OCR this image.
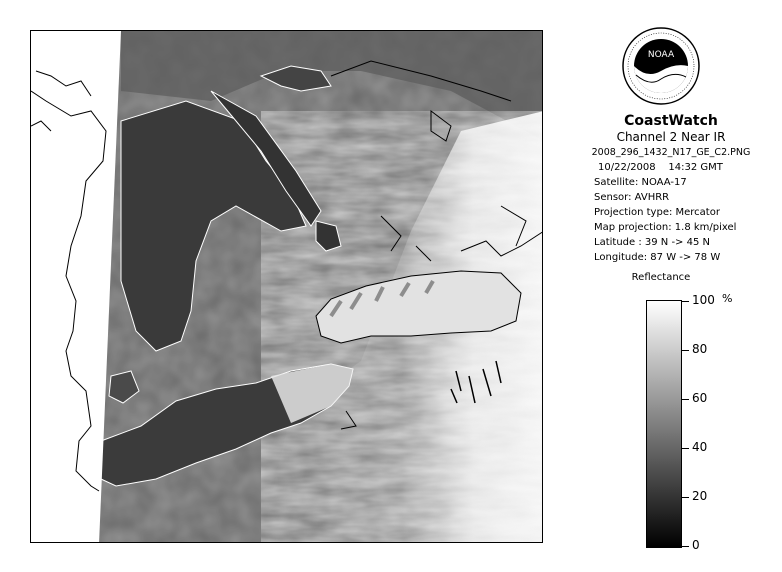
NOAA
CoastWatch
Channel 2 Near IR
2008_296_1432_N17_GE_C2.PNG
10/22/2008 14:32 GMT
Satellite: NOAA-17
Sensor: AVHRR
Projection type: Mercator
Map projection: 1.8 km/pixel
Latitude : 39 N -> 45 N
Longitude: 87 W -> 78 W
Reflectance
%
100
80
60
40
20
0
